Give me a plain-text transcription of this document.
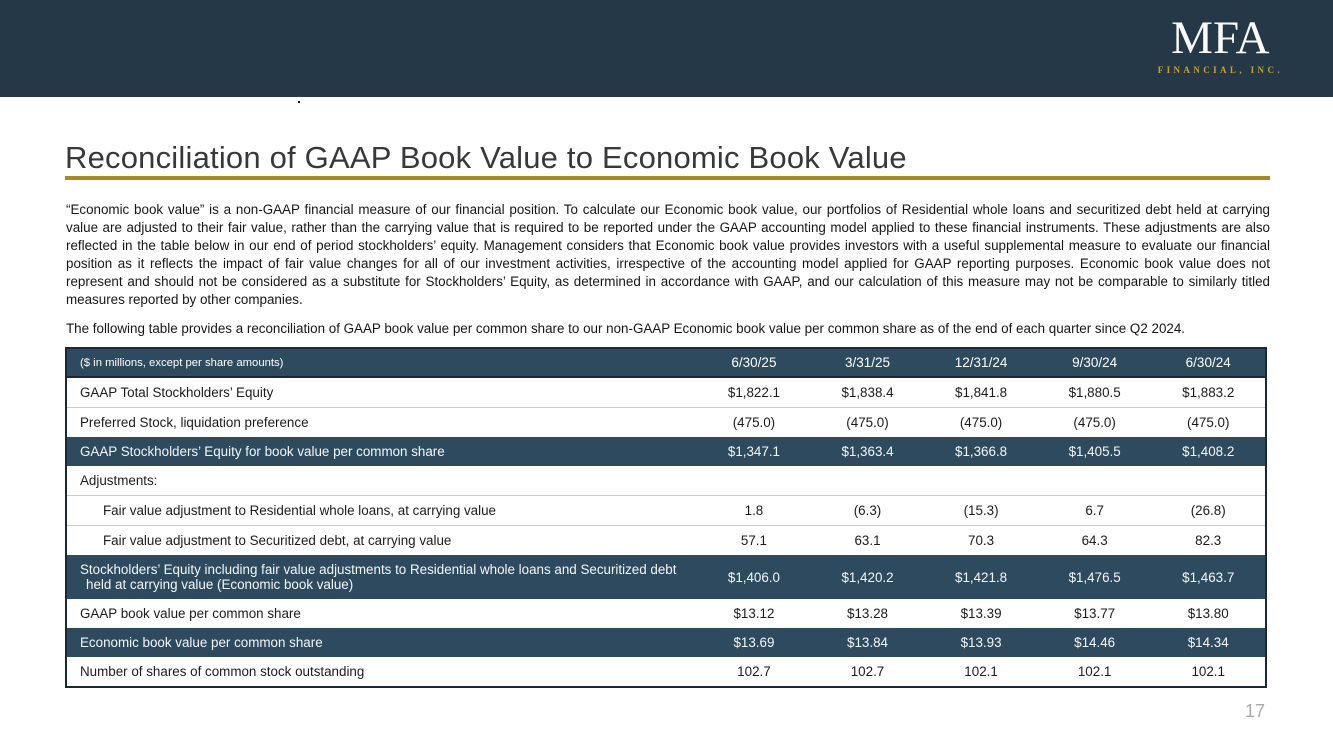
MFA
FINANCIAL, INC.
Reconciliation of GAAP Book Value to Economic Book Value

“Economic book value” is a non-GAAP financial measure of our financial position. To calculate our Economic book value, our portfolios of Residential whole loans and securitized debt held at carrying value are adjusted to their fair value, rather than the carrying value that is required to be reported under the GAAP accounting model applied to these financial instruments. These adjustments are also reflected in the table below in our end of period stockholders’ equity. Management considers that Economic book value provides investors with a useful supplemental measure to evaluate our financial position as it reflects the impact of fair value changes for all of our investment activities, irrespective of the accounting model applied for GAAP reporting purposes. Economic book value does not represent and should not be considered as a substitute for Stockholders’ Equity, as determined in accordance with GAAP, and our calculation of this measure may not be comparable to similarly titled measures reported by other companies.

The following table provides a reconciliation of GAAP book value per common share to our non-GAAP Economic book value per common share as of the end of each quarter since Q2 2024.

($ in millions, except per share amounts)	6/30/25	3/31/25	12/31/24	9/30/24	6/30/24
GAAP Total Stockholders’ Equity	$1,822.1	$1,838.4	$1,841.8	$1,880.5	$1,883.2
Preferred Stock, liquidation preference	(475.0)	(475.0)	(475.0)	(475.0)	(475.0)
GAAP Stockholders’ Equity for book value per common share	$1,347.1	$1,363.4	$1,366.8	$1,405.5	$1,408.2
Adjustments:					
Fair value adjustment to Residential whole loans, at carrying value	1.8	(6.3)	(15.3)	6.7	(26.8)
Fair value adjustment to Securitized debt, at carrying value	57.1	63.1	70.3	64.3	82.3
Stockholders’ Equity including fair value adjustments to Residential whole loans and Securitized debt held at carrying value (Economic book value)	$1,406.0	$1,420.2	$1,421.8	$1,476.5	$1,463.7
GAAP book value per common share	$13.12	$13.28	$13.39	$13.77	$13.80
Economic book value per common share	$13.69	$13.84	$13.93	$14.46	$14.34
Number of shares of common stock outstanding	102.7	102.7	102.1	102.1	102.1
17
